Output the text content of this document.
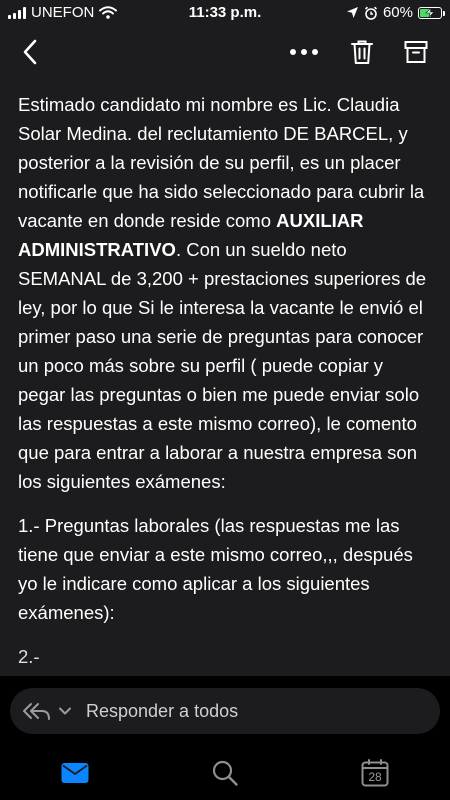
UNEFON	11:33 p.m.	60%

Estimado candidato mi nombre es Lic. Claudia Solar Medina. del reclutamiento DE BARCEL, y posterior a la revisión de su perfil, es un placer notificarle que ha sido seleccionado para cubrir la vacante en donde reside como AUXILIAR ADMINISTRATIVO. Con un sueldo neto SEMANAL de 3,200 + prestaciones superiores de ley, por lo que Si le interesa la vacante le envió el primer paso una serie de preguntas para conocer un poco más sobre su perfil ( puede copiar y pegar las preguntas o bien me puede enviar solo las respuestas a este mismo correo), le comento que para entrar a laborar a nuestra empresa son los siguientes exámenes:

1.- Preguntas laborales (las respuestas me las tiene que enviar a este mismo correo,,, después yo le indicare como aplicar a los siguientes exámenes):

2.-

Responder a todos
28
